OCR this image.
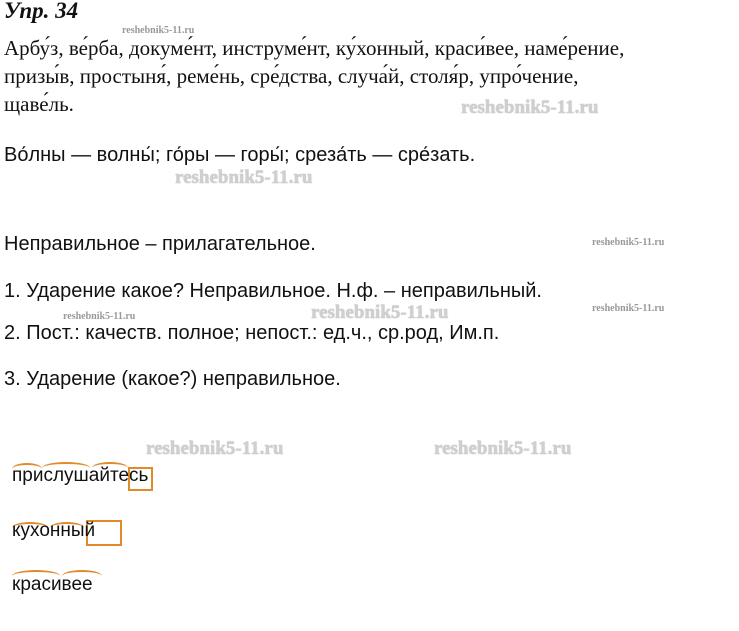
Упр. 34
reshebnik5-11.ru
Арбу́з, ве́рба, докуме́нт, инструме́нт, ку́хонный, краси́вее, наме́рение,
призы́в, простыня́, реме́нь, сре́дства, случа́й, столя́р, упро́чение,
щаве́ль.	reshebnik5-11.ru
Во́лны — волны́; го́ры — горы́; среза́ть — сре́зать.
reshebnik5-11.ru
Неправильное – прилагательное.	reshebnik5-11.ru
1. Ударение какое? Неправильное. Н.ф. – неправильный.
reshebnik5-11.ru
reshebnik5-11.ru	reshebnik5-11.ru
2. Пост.: качеств. полное; непост.: ед.ч., ср.род, Им.п.
3. Ударение (какое?) неправильное.
reshebnik5-11.ru	reshebnik5-11.ru
прислушайтесь
кухонный
красивее
